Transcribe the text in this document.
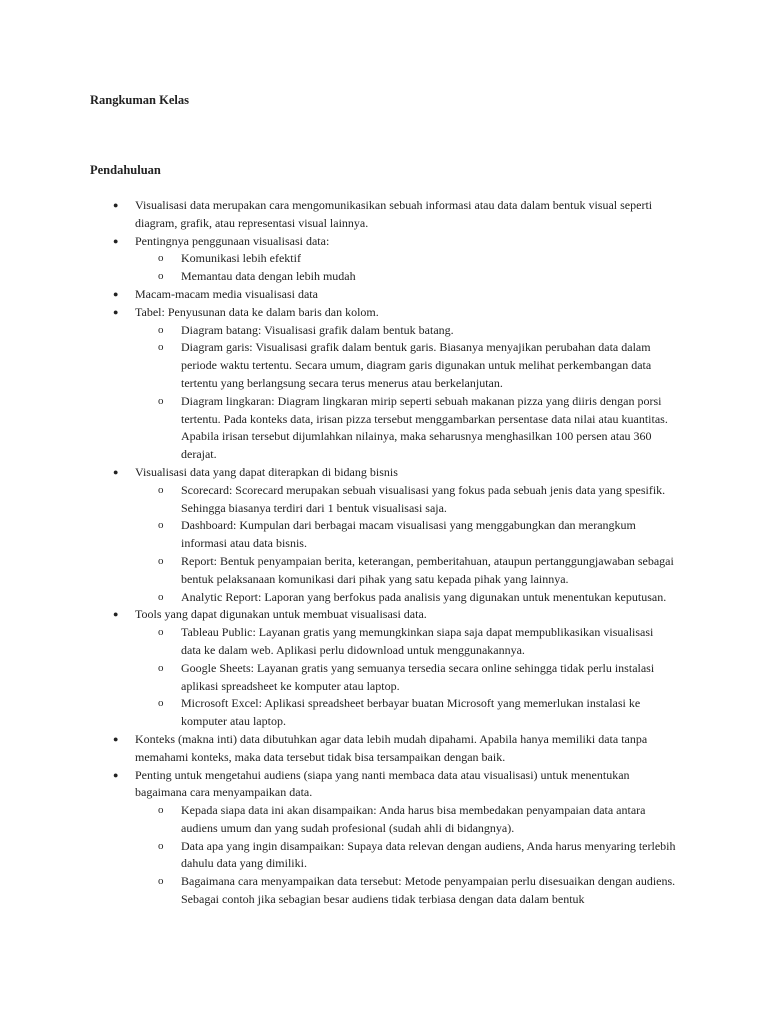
Rangkuman Kelas

Pendahuluan

●	Visualisasi data merupakan cara mengomunikasikan sebuah informasi atau data dalam bentuk visual seperti diagram, grafik, atau representasi visual lainnya.
●	Pentingnya penggunaan visualisasi data:
o	Komunikasi lebih efektif
o	Memantau data dengan lebih mudah
●	Macam-macam media visualisasi data
●	Tabel: Penyusunan data ke dalam baris dan kolom.
o	Diagram batang: Visualisasi grafik dalam bentuk batang.
o	Diagram garis: Visualisasi grafik dalam bentuk garis. Biasanya menyajikan perubahan data dalam periode waktu tertentu. Secara umum, diagram garis digunakan untuk melihat perkembangan data tertentu yang berlangsung secara terus menerus atau berkelanjutan.
o	Diagram lingkaran: Diagram lingkaran mirip seperti sebuah makanan pizza yang diiris dengan porsi tertentu. Pada konteks data, irisan pizza tersebut menggambarkan persentase data nilai atau kuantitas. Apabila irisan tersebut dijumlahkan nilainya, maka seharusnya menghasilkan 100 persen atau 360 derajat.
●	Visualisasi data yang dapat diterapkan di bidang bisnis
o	Scorecard: Scorecard merupakan sebuah visualisasi yang fokus pada sebuah jenis data yang spesifik. Sehingga biasanya terdiri dari 1 bentuk visualisasi saja.
o	Dashboard: Kumpulan dari berbagai macam visualisasi yang menggabungkan dan merangkum informasi atau data bisnis.
o	Report: Bentuk penyampaian berita, keterangan, pemberitahuan, ataupun pertanggungjawaban sebagai bentuk pelaksanaan komunikasi dari pihak yang satu kepada pihak yang lainnya.
o	Analytic Report: Laporan yang berfokus pada analisis yang digunakan untuk menentukan keputusan.
●	Tools yang dapat digunakan untuk membuat visualisasi data.
o	Tableau Public: Layanan gratis yang memungkinkan siapa saja dapat mempublikasikan visualisasi data ke dalam web. Aplikasi perlu didownload untuk menggunakannya.
o	Google Sheets: Layanan gratis yang semuanya tersedia secara online sehingga tidak perlu instalasi aplikasi spreadsheet ke komputer atau laptop.
o	Microsoft Excel: Aplikasi spreadsheet berbayar buatan Microsoft yang memerlukan instalasi ke komputer atau laptop.
●	Konteks (makna inti) data dibutuhkan agar data lebih mudah dipahami. Apabila hanya memiliki data tanpa memahami konteks, maka data tersebut tidak bisa tersampaikan dengan baik.
●	Penting untuk mengetahui audiens (siapa yang nanti membaca data atau visualisasi) untuk menentukan bagaimana cara menyampaikan data.
o	Kepada siapa data ini akan disampaikan: Anda harus bisa membedakan penyampaian data antara audiens umum dan yang sudah profesional (sudah ahli di bidangnya).
o	Data apa yang ingin disampaikan: Supaya data relevan dengan audiens, Anda harus menyaring terlebih dahulu data yang dimiliki.
o	Bagaimana cara menyampaikan data tersebut: Metode penyampaian perlu disesuaikan dengan audiens. Sebagai contoh jika sebagian besar audiens tidak terbiasa dengan data dalam bentuk
